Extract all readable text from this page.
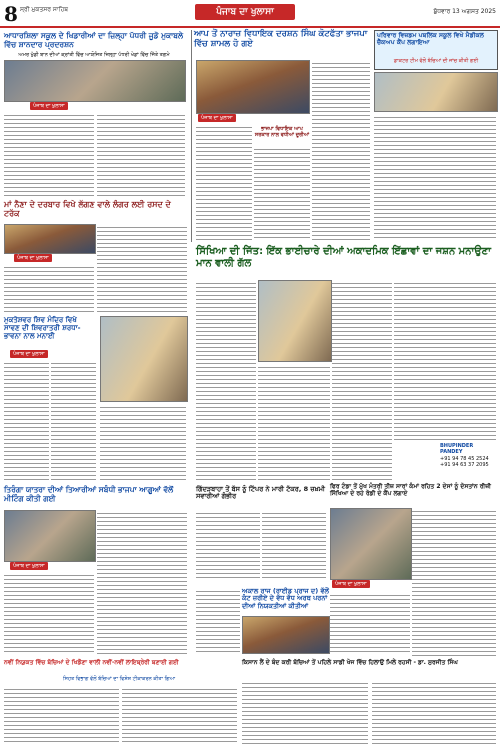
8 ਸ੍ਰੀ ਮੁਕਤਸਰ ਸਾਹਿਬ	ਪੰਜਾਬ ਦਾ ਖੁਲਾਸਾ	ਬੁੱਧਵਾਰ 13 ਅਗਸਤ 2025
ਆਧਾਰਸ਼ਿਲਾ ਸਕੂਲ ਦੇ ਖਿਡਾਰੀਆਂ ਦਾ ਜ਼ਿਲ੍ਹਾ ਪੱਧਰੀ ਜੂਡੋ ਮੁਕਾਬਲੇ ਵਿੱਚ ਸ਼ਾਨਦਾਰ ਪ੍ਰਦਰਸ਼ਨ
ਅਮਰ ਖੁੱਡੀ ਬਾਨ ਦੀਆਂ ਕ੍ਰਾਂਤੀ ਵਿੱਚ ਆਯੋਜਿਤ ਜ਼ਿਲ੍ਹਾ ਪੱਧਰੀ ਖੇਡਾਂ ਵਿੱਚ ਜਿੱਤੇ ਤਗਮੇ
ਪੰਜਾਬ ਦਾ ਖੁਲਾਸਾ
ਮਾਂ ਨੈਣਾ ਦੇ ਦਰਬਾਰ ਵਿਖੇ ਲੱਗਣ ਵਾਲੇ ਲੰਗਰ ਲਈ ਰਸਦ ਦੇ ਟਰੱਕ
ਪੰਜਾਬ ਦਾ ਖੁਲਾਸਾ
ਮੁਕਤੇਸ਼ਵਰ ਸ਼ਿਵ ਮੰਦਿਰ ਵਿਖੇ ਸਾਵਣ ਦੀ ਸ਼ਿਵਰਾਤਰੀ ਸ਼ਰਧਾ-ਭਾਵਨਾ ਨਾਲ ਮਨਾਈ
ਪੰਜਾਬ ਦਾ ਖੁਲਾਸਾ
ਤਿਰੰਗਾ ਯਾਤਰਾ ਦੀਆਂ ਤਿਆਰੀਆਂ ਸਬੰਧੀ ਭਾਜਪਾ ਆਗੂਆਂ ਵੱਲੋਂ ਮੀਟਿੰਗ ਕੀਤੀ ਗਈ
ਪੰਜਾਬ ਦਾ ਖੁਲਾਸਾ
ਨਵੀਂ ਨਿਯੁਕਤ ਵਿੱਚ ਬੱਚਿਆਂ ਦੇ ਖਿਡੌਣਾ ਵਾਲੀ ਨਵੀਂ-ਨਵੀਂ ਲਾਇਬ੍ਰੇਰੀ ਬਣਾਈ ਗਈ
ਸਿਹਤ ਵਿਭਾਗ ਵੱਲੋਂ ਬੱਚਿਆਂ ਦਾ ਵਿਸ਼ੇਸ਼ ਟੀਕਾਕਰਨ ਕੀਤਾ ਗਿਆ
ਆਪ ਤੋਂ ਨਾਰਾਜ਼ ਵਿਧਾਇਕ ਦਰਸ਼ਨ ਸਿੰਘ ਕੋਟਫੱਤਾ ਭਾਜਪਾ ਵਿੱਚ ਸ਼ਾਮਲ ਹੋ ਗਏ
ਪੰਜਾਬ ਦਾ ਖੁਲਾਸਾ
ਭਾਜਪਾ ਵਿਧਾਇਕ ਆਪ ਸਰਕਾਰ ਨਾਲ ਵਧੀਆਂ ਦੂਰੀਆਂ
ਪਰਿਵਾਰ ਵਿਜ਼ਡਮ ਪਬਲਿਕ ਸਕੂਲ ਵਿਖੇ ਮੈਡੀਕਲ ਚੈੱਕਅਪ ਕੈਂਪ ਲਗਾਇਆ
ਡਾਕਟਰ ਟੀਮ ਵੱਲੋਂ ਬੱਚਿਆਂ ਦੀ ਜਾਂਚ ਕੀਤੀ ਗਈ
ਸਿੱਖਿਆ ਦੀ ਜਿੱਤ: ਇੱਕ ਭਾਈਚਾਰੇ ਦੀਆਂ ਅਕਾਦਮਿਕ ਇੱਛਾਵਾਂ ਦਾ ਜਸ਼ਨ ਮਨਾਉਣਾ ਮਾਨ ਵਾਲੀ ਗੱਲ
BHUPINDER PANDEY
+91 94 78 45 2524
+91 94 63 37 2095
ਗਿੱਦੜਬਾਹਾ ਤੋਂ ਬੱਸ ਨੂੰ ਟਿੱਪਰ ਨੇ ਮਾਰੀ ਟੱਕਰ, 8 ਜ਼ਖ਼ਮੀ ਸਵਾਰੀਆਂ ਗੰਭੀਰ
ਫਿਰ ਟੰਡਾ ਤੋਂ ਮੁੱਖ ਮੰਤਰੀ ਤੀਜ਼ ਸਾਰਾਂ ਕੰਮਾਂ ਰਹਿਤ 2 ਦੇਸਾਂ ਨੂੰ ਦੋਸਤਾਂਨ ਰੀਜ਼ੀ ਸਿੱਖਿਆ ਦੇ ਰਹੇ ਰੋਡੀ ਦੇ ਕੈਂਪ ਲਗਾਏ
ਪੰਜਾਬ ਦਾ ਖੁਲਾਸਾ
ਅਕਾਲ ਰਾਜ (ਰਾਈਡ ਪ੍ਰਾਜ ਦ) ਵੱਲੋਂ ਕੰਟ ਜ਼ਰੀਏ ਦੇ ਵੱਧ ਵੱਧ ਅਰਥ ਪਰਨਾਂ ਦੀਆਂ ਨਿਯਕਤੀਆਂ ਕੀਤੀਆਂ
ਕਿਸਾਨ ਲੈਂ ਦੇ ਬੰਦ ਕਰੀ ਬੱਚਿਆਂ ਤੋਂ ਪਹਿਲੇ ਸਾਡੀ ਖੋਜ ਵਿੱਚ ਹਿਲਾਉ ਮਿਲੇ ਰਹਸੀ - ਡਾ. ਸੁਰਜੀਤ ਸਿੰਘ
